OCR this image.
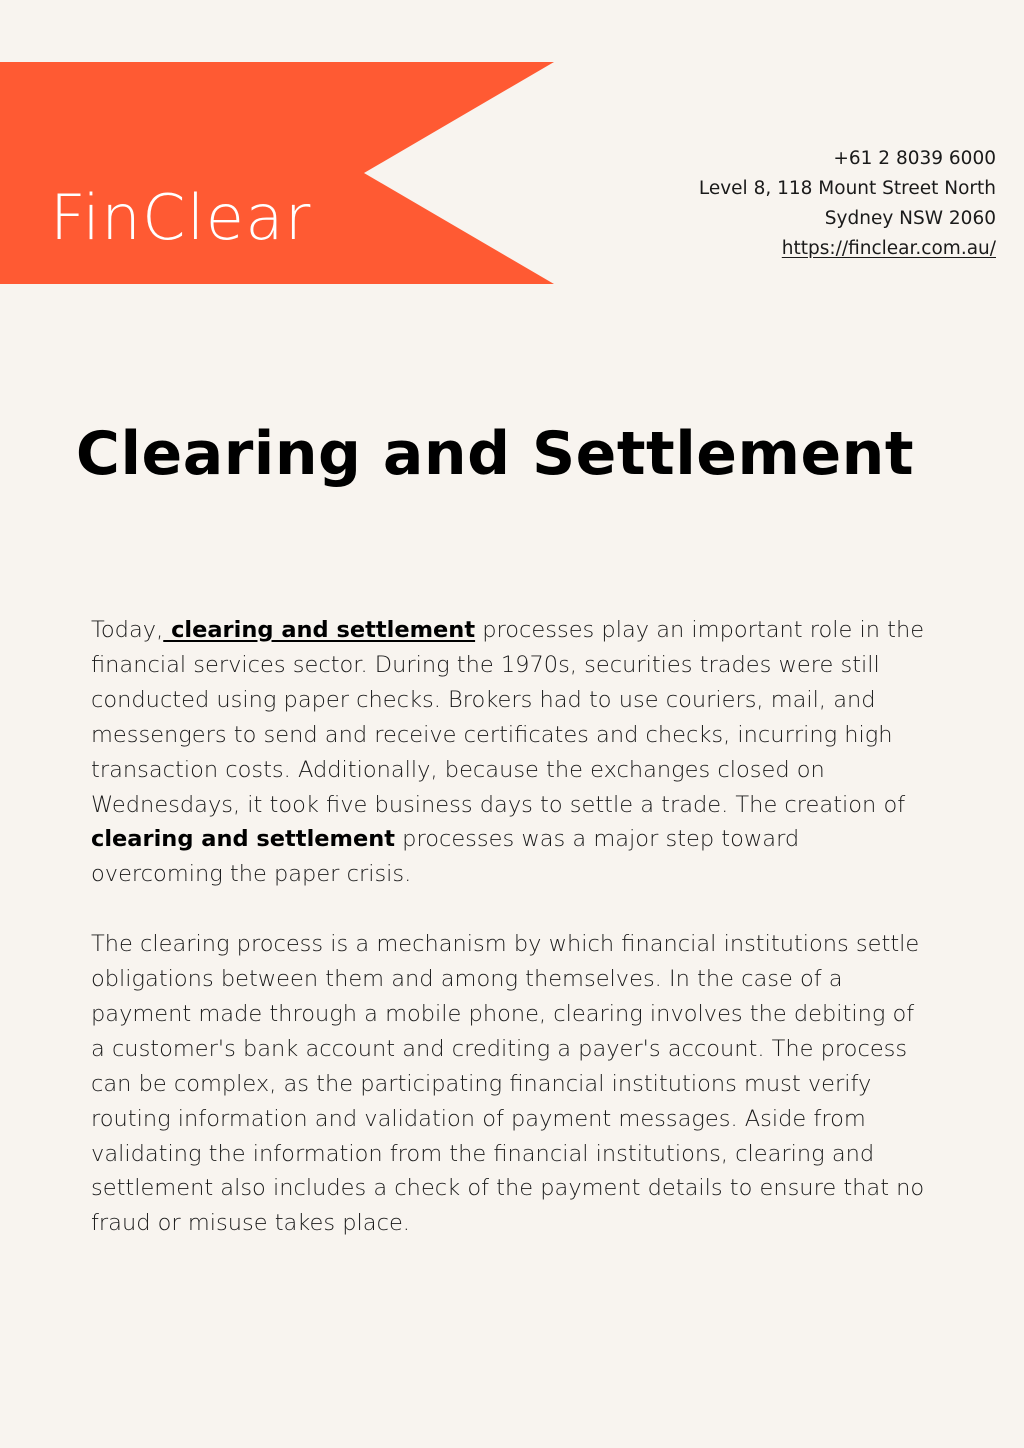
FinClear
+61 2 8039 6000
Level 8, 118 Mount Street North
Sydney NSW 2060
https://finclear.com.au/
Clearing and Settlement

Today, clearing and settlement processes play an important role in the financial services sector. During the 1970s, securities trades were still conducted using paper checks. Brokers had to use couriers, mail, and messengers to send and receive certificates and checks, incurring high transaction costs. Additionally, because the exchanges closed on Wednesdays, it took five business days to settle a trade. The creation of clearing and settlement processes was a major step toward overcoming the paper crisis.

The clearing process is a mechanism by which financial institutions settle obligations between them and among themselves. In the case of a payment made through a mobile phone, clearing involves the debiting of a customer's bank account and crediting a payer's account. The process can be complex, as the participating financial institutions must verify routing information and validation of payment messages. Aside from validating the information from the financial institutions, clearing and settlement also includes a check of the payment details to ensure that no fraud or misuse takes place.
